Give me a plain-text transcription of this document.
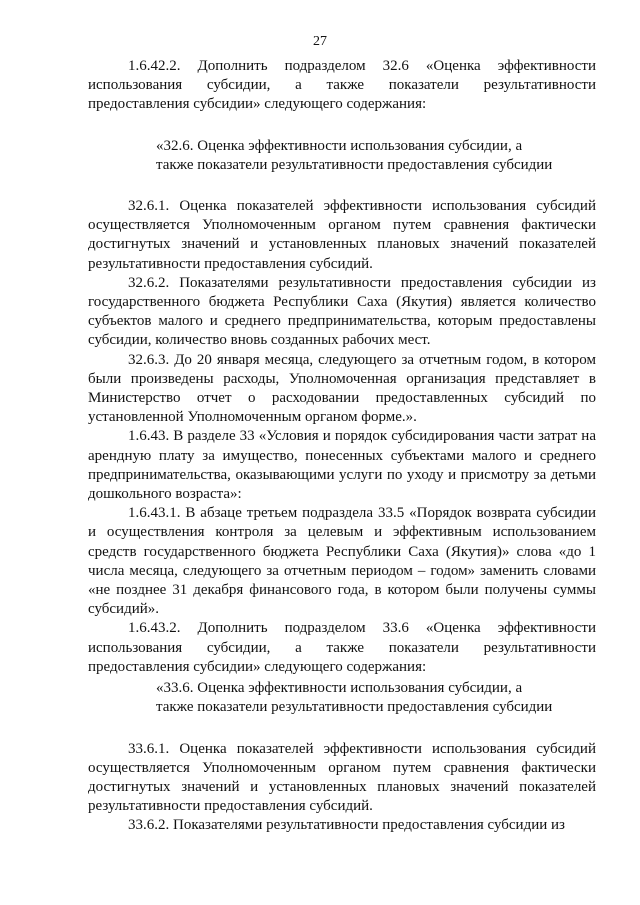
27

1.6.42.2. Дополнить подразделом 32.6 «Оценка эффективности использования субсидии, а также показатели результативности предоставления субсидии» следующего содержания:

«32.6. Оценка эффективности использования субсидии, а также показатели результативности предоставления субсидии

32.6.1. Оценка показателей эффективности использования субсидий осуществляется Уполномоченным органом путем сравнения фактически достигнутых значений и установленных плановых значений показателей результативности предоставления субсидий.

32.6.2. Показателями результативности предоставления субсидии из государственного бюджета Республики Саха (Якутия) является количество субъектов малого и среднего предпринимательства, которым предоставлены субсидии, количество вновь созданных рабочих мест.

32.6.3. До 20 января месяца, следующего за отчетным годом, в котором были произведены расходы, Уполномоченная организация представляет в Министерство отчет о расходовании предоставленных субсидий по установленной Уполномоченным органом форме.».

1.6.43. В разделе 33 «Условия и порядок субсидирования части затрат на арендную плату за имущество, понесенных субъектами малого и среднего предпринимательства, оказывающими услуги по уходу и присмотру за детьми дошкольного возраста»:

1.6.43.1. В абзаце третьем подраздела 33.5 «Порядок возврата субсидии и осуществления контроля за целевым и эффективным использованием средств государственного бюджета Республики Саха (Якутия)» слова «до 1 числа месяца, следующего за отчетным периодом – годом» заменить словами «не позднее 31 декабря финансового года, в котором были получены суммы субсидий».

1.6.43.2. Дополнить подразделом 33.6 «Оценка эффективности использования субсидии, а также показатели результативности предоставления субсидии» следующего содержания:

«33.6. Оценка эффективности использования субсидии, а также показатели результативности предоставления субсидии

33.6.1. Оценка показателей эффективности использования субсидий осуществляется Уполномоченным органом путем сравнения фактически достигнутых значений и установленных плановых значений показателей результативности предоставления субсидий.

33.6.2. Показателями результативности предоставления субсидии из
